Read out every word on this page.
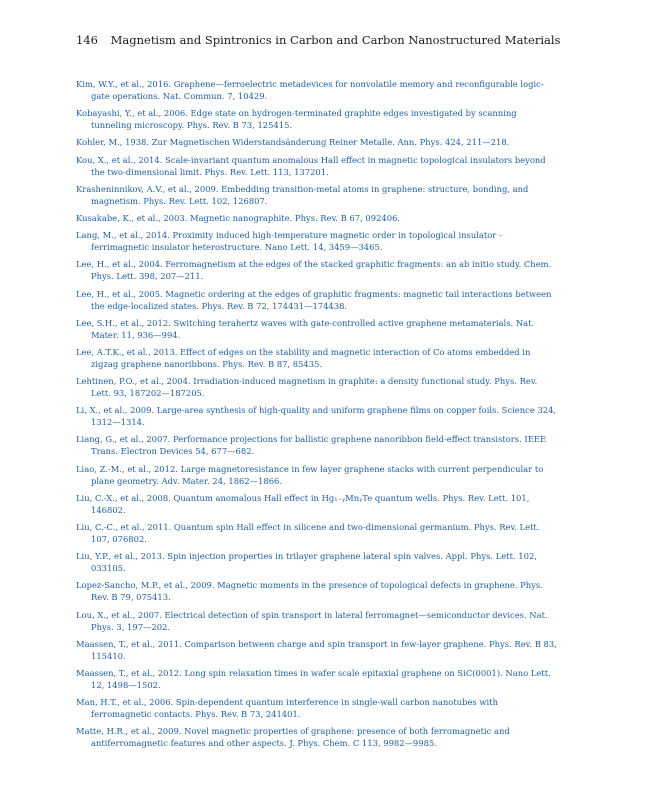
146 Magnetism and Spintronics in Carbon and Carbon Nanostructured Materials
Kim, W.Y., et al., 2016. Graphene—ferroelectric metadevices for nonvolatile memory and reconfigurable logic-gate operations. Nat. Commun. 7, 10429.
Kobayashi, Y., et al., 2006. Edge state on hydrogen-terminated graphite edges investigated by scanning tunneling microscopy. Phys. Rev. B 73, 125415.
Kohler, M., 1938. Zur Magnetischen Widerstandsänderung Reiner Metalle. Ann. Phys. 424, 211—218.
Kou, X., et al., 2014. Scale-invariant quantum anomalous Hall effect in magnetic topological insulators beyond the two-dimensional limit. Phys. Rev. Lett. 113, 137201.
Krasheninnikov, A.V., et al., 2009. Embedding transition-metal atoms in graphene: structure, bonding, and magnetism. Phys. Rev. Lett. 102, 126807.
Kusakabe, K., et al., 2003. Magnetic nanographite. Phys. Rev. B 67, 092406.
Lang, M., et al., 2014. Proximity induced high-temperature magnetic order in topological insulator - ferrimagnetic insulator heterostructure. Nano Lett. 14, 3459—3465.
Lee, H., et al., 2004. Ferromagnetism at the edges of the stacked graphitic fragments: an ab initio study. Chem. Phys. Lett. 398, 207—211.
Lee, H., et al., 2005. Magnetic ordering at the edges of graphitic fragments: magnetic tail interactions between the edge-localized states. Phys. Rev. B 72, 174431—174438.
Lee, S.H., et al., 2012. Switching terahertz waves with gate-controlled active graphene metamaterials. Nat. Mater. 11, 936—994.
Lee, A.T.K., et al., 2013. Effect of edges on the stability and magnetic interaction of Co atoms embedded in zigzag graphene nanoribbons. Phys. Rev. B 87, 85435.
Lehtinen, P.O., et al., 2004. Irradiation-induced magnetism in graphite: a density functional study. Phys. Rev. Lett. 93, 187202—187205.
Li, X., et al., 2009. Large-area synthesis of high-quality and uniform graphene films on copper foils. Science 324, 1312—1314.
Liang, G., et al., 2007. Performance projections for ballistic graphene nanoribbon field-effect transistors. IEEE Trans. Electron Devices 54, 677—682.
Liao, Z.-M., et al., 2012. Large magnetoresistance in few layer graphene stacks with current perpendicular to plane geometry. Adv. Mater. 24, 1862—1866.
Liu, C.-X., et al., 2008. Quantum anomalous Hall effect in Hg₁₋ᵧMnᵧTe quantum wells. Phys. Rev. Lett. 101, 146802.
Liu, C.-C., et al., 2011. Quantum spin Hall effect in silicene and two-dimensional germanium. Phys. Rev. Lett. 107, 076802.
Liu, Y.P., et al., 2013. Spin injection properties in trilayer graphene lateral spin valves. Appl. Phys. Lett. 102, 033105.
Lopez-Sancho, M.P., et al., 2009. Magnetic moments in the presence of topological defects in graphene. Phys. Rev. B 79, 075413.
Lou, X., et al., 2007. Electrical detection of spin transport in lateral ferromagnet—semiconductor devices. Nat. Phys. 3, 197—202.
Maassen, T., et al., 2011. Comparison between charge and spin transport in few-layer graphene. Phys. Rev. B 83, 115410.
Maassen, T., et al., 2012. Long spin relaxation times in wafer scale epitaxial graphene on SiC(0001). Nano Lett. 12, 1498—1502.
Man, H.T., et al., 2006. Spin-dependent quantum interference in single-wall carbon nanotubes with ferromagnetic contacts. Phys. Rev. B 73, 241401.
Matte, H.R., et al., 2009. Novel magnetic properties of graphene: presence of both ferromagnetic and antiferromagnetic features and other aspects. J. Phys. Chem. C 113, 9982—9985.
